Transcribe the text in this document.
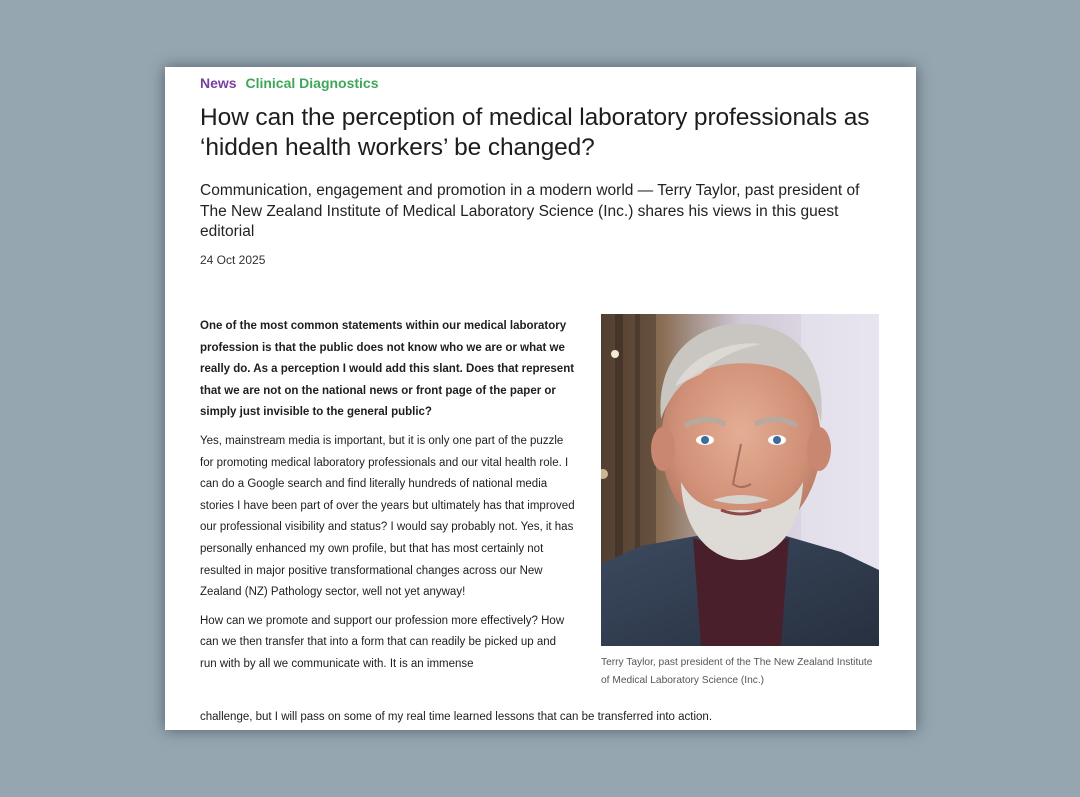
News Clinical Diagnostics
How can the perception of medical laboratory professionals as ‘hidden health workers’ be changed?

Communication, engagement and promotion in a modern world — Terry Taylor, past president of The New Zealand Institute of Medical Laboratory Science (Inc.) shares his views in this guest editorial

24 Oct 2025

One of the most common statements within our medical laboratory profession is that the public does not know who we are or what we really do. As a perception I would add this slant. Does that represent that we are not on the national news or front page of the paper or simply just invisible to the general public?

Yes, mainstream media is important, but it is only one part of the puzzle for promoting medical laboratory professionals and our vital health role. I can do a Google search and find literally hundreds of national media stories I have been part of over the years but ultimately has that improved our professional visibility and status? I would say probably not. Yes, it has personally enhanced my own profile, but that has most certainly not resulted in major positive transformational changes across our New Zealand (NZ) Pathology sector, well not yet anyway!

How can we promote and support our profession more effectively? How can we then transfer that into a form that can readily be picked up and run with by all we communicate with. It is an immense

challenge, but I will pass on some of my real time learned lessons that can be transferred into action.
Terry Taylor, past president of the The New Zealand Institute of Medical Laboratory Science (Inc.)
